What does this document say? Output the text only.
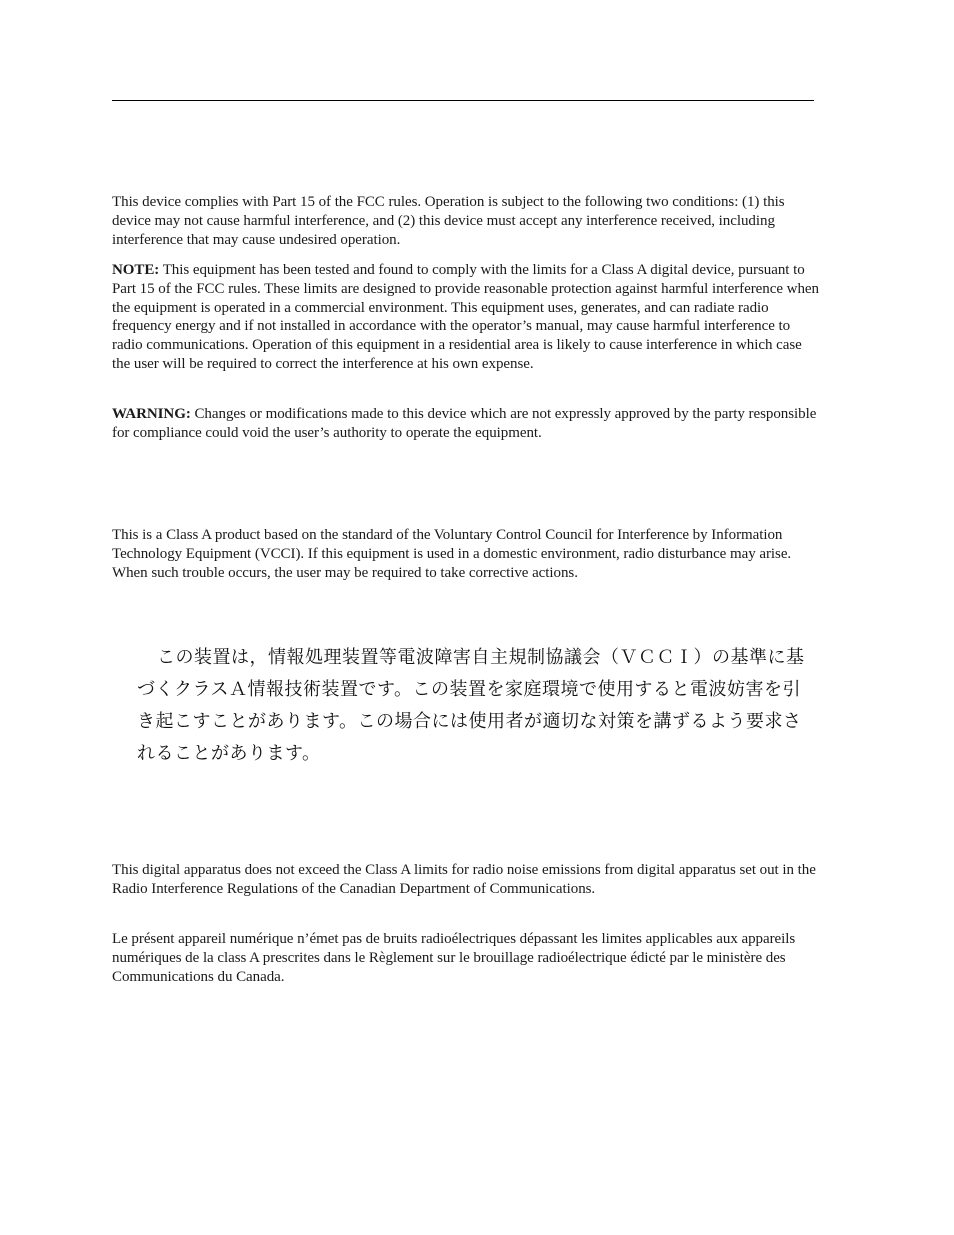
This device complies with Part 15 of the FCC rules. Operation is subject to the following two conditions: (1) this device may not cause harmful interference, and (2) this device must accept any interference received, including interference that may cause undesired operation.

NOTE: This equipment has been tested and found to comply with the limits for a Class A digital device, pursuant to Part 15 of the FCC rules. These limits are designed to provide reasonable protection against harmful interference when the equipment is operated in a commercial environment. This equipment uses, generates, and can radiate radio frequency energy and if not installed in accordance with the operator’s manual, may cause harmful interference to radio communications. Operation of this equipment in a residential area is likely to cause interference in which case the user will be required to correct the interference at his own expense.

WARNING: Changes or modifications made to this device which are not expressly approved by the party responsible for compliance could void the user’s authority to operate the equipment.

This is a Class A product based on the standard of the Voluntary Control Council for Interference by Information Technology Equipment (VCCI). If this equipment is used in a domestic environment, radio disturbance may arise. When such trouble occurs, the user may be required to take corrective actions.

この装置は，情報処理装置等電波障害自主規制協議会（ＶＣＣＩ）の基準に基づくクラスＡ情報技術装置です。この装置を家庭環境で使用すると電波妨害を引き起こすことがあります。この場合には使用者が適切な対策を講ずるよう要求されることがあります。

This digital apparatus does not exceed the Class A limits for radio noise emissions from digital apparatus set out in the Radio Interference Regulations of the Canadian Department of Communications.

Le présent appareil numérique n’émet pas de bruits radioélectriques dépassant les limites applicables aux appareils numériques de la class A prescrites dans le Règlement sur le brouillage radioélectrique édicté par le ministère des Communications du Canada.
